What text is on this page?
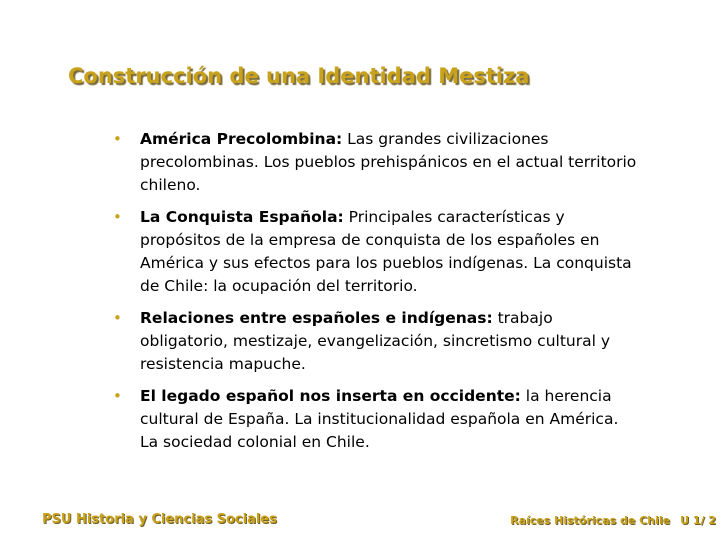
Construcción de una Identidad Mestiza
• América Precolombina: Las grandes civilizaciones precolombinas. Los pueblos prehispánicos en el actual territorio chileno.
• La Conquista Española: Principales características y propósitos de la empresa de conquista de los españoles en América y sus efectos para los pueblos indígenas. La conquista de Chile: la ocupación del territorio.
• Relaciones entre españoles e indígenas: trabajo obligatorio, mestizaje, evangelización, sincretismo cultural y resistencia mapuche.
• El legado español nos inserta en occidente: la herencia cultural de España. La institucionalidad española en América. La sociedad colonial en Chile.
PSU Historia y Ciencias Sociales	Raíces Históricas de Chile U 1/ 2
